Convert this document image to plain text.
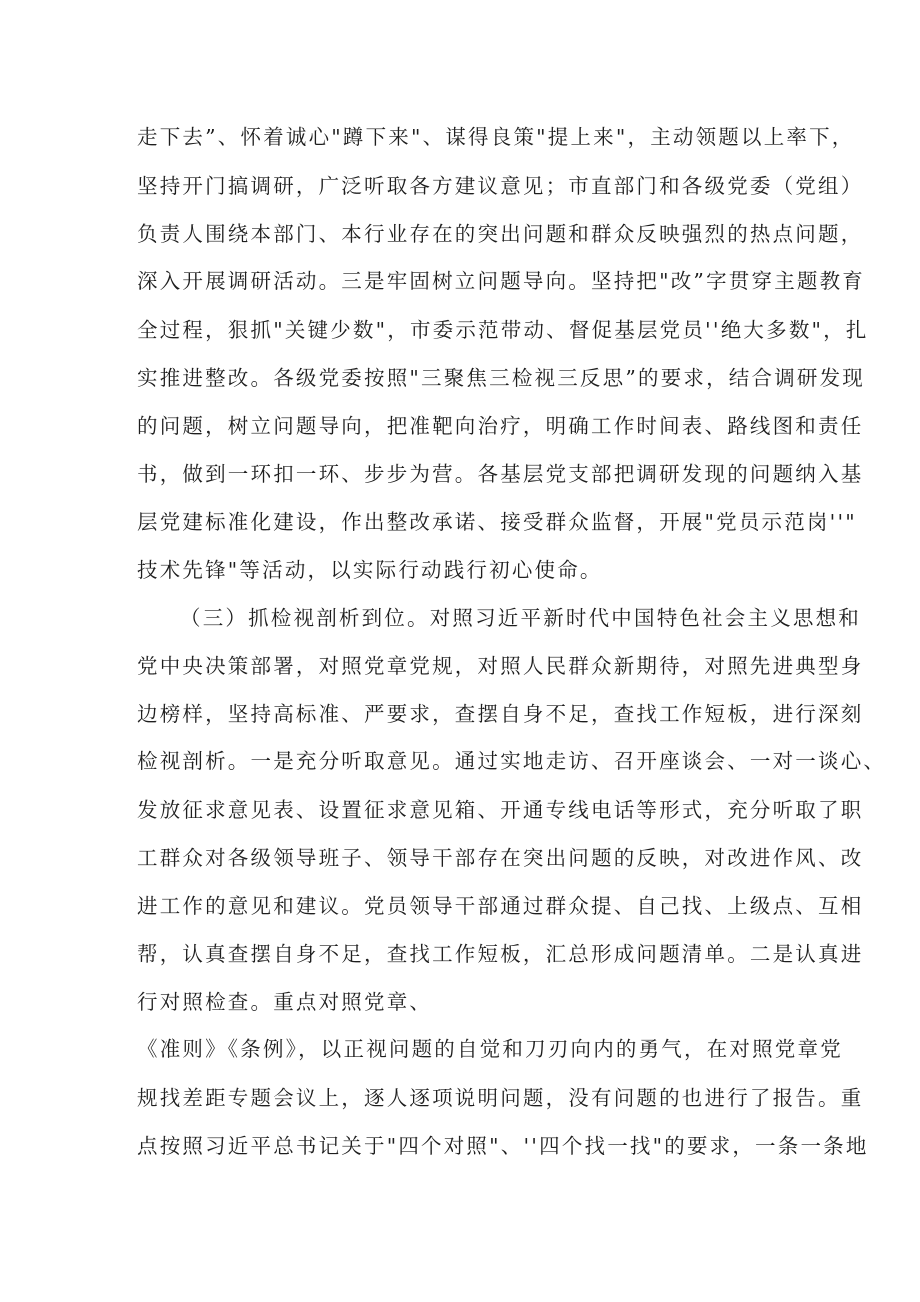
走下去”、怀着诚心"蹲下来"、谋得良策"提上来"，主动领题以上率下，
坚持开门搞调研，广泛听取各方建议意见；市直部门和各级党委（党组）
负责人围绕本部门、本行业存在的突出问题和群众反映强烈的热点问题，
深入开展调研活动。三是牢固树立问题导向。坚持把"改”字贯穿主题教育
全过程，狠抓"关键少数"，市委示范带动、督促基层党员''绝大多数"，扎
实推进整改。各级党委按照"三聚焦三检视三反思”的要求，结合调研发现
的问题，树立问题导向，把准靶向治疗，明确工作时间表、路线图和责任
书，做到一环扣一环、步步为营。各基层党支部把调研发现的问题纳入基
层党建标准化建设，作出整改承诺、接受群众监督，开展"党员示范岗''"
技术先锋"等活动，以实际行动践行初心使命。
（三）抓检视剖析到位。对照习近平新时代中国特色社会主义思想和
党中央决策部署，对照党章党规，对照人民群众新期待，对照先进典型身
边榜样，坚持高标准、严要求，查摆自身不足，查找工作短板，进行深刻
检视剖析。一是充分听取意见。通过实地走访、召开座谈会、一对一谈心、
发放征求意见表、设置征求意见箱、开通专线电话等形式，充分听取了职
工群众对各级领导班子、领导干部存在突出问题的反映，对改进作风、改
进工作的意见和建议。党员领导干部通过群众提、自己找、上级点、互相
帮，认真查摆自身不足，查找工作短板，汇总形成问题清单。二是认真进
行对照检查。重点对照党章、
《准则》《条例》，以正视问题的自觉和刀刃向内的勇气，在对照党章党
规找差距专题会议上，逐人逐项说明问题，没有问题的也进行了报告。重
点按照习近平总书记关于"四个对照"、''四个找一找"的要求，一条一条地
